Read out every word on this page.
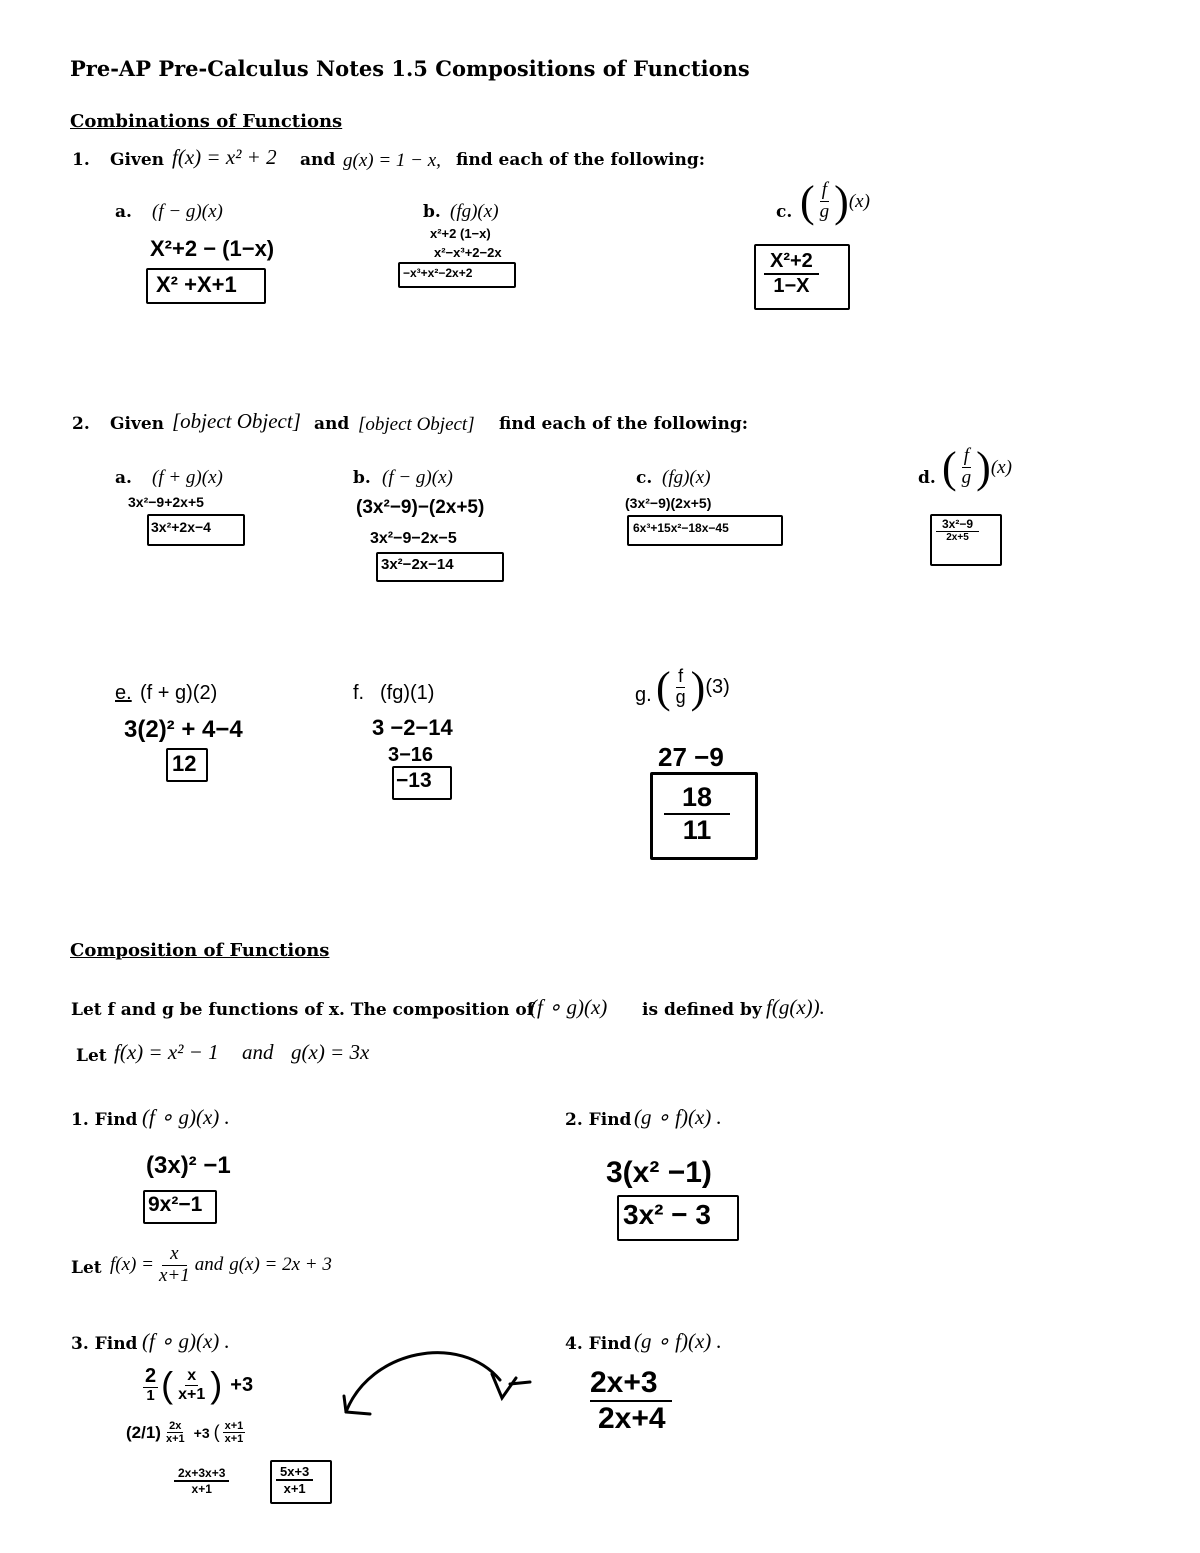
Pre-AP Pre-Calculus Notes 1.5 Compositions of Functions
Combinations of Functions
1. Given f(x) = x² + 2 and g(x) = 1 − x, find each of the following:
a. (f − g)(x)
X²+2 − (1−x)
X² +X+1
b. (fg)(x)
x²+2 (1−x)
x²−x³+2−2x
−x³+x²−2x+2
c. ( $\frac{f}{g}$ ) (x)
$\frac{\text{X²+2}}{1-X}$
2. Given [object Object] and [object Object] find each of the following:
a. (f + g)(x)
3x²−9+2x+5
3x²+2x−4
b. (f − g)(x)
(3x²−9)−(2x+5)
3x²−9−2x−5
3x²−2x−14
c. (fg)(x)
(3x²−9)(2x+5)
6x³+15x²−18x−45
d. ( $\frac{f}{g}$ ) (x)
3x²−9
2x+5
e. (f + g)(2)
3(2)² + 4−4
12
f. (fg)(1)
3 −2−14
3−16
−13
g. ( $\frac{f}{g}$ ) (3)
27 −9
$\frac{18}{11}$
Composition of Functions
Let f and g be functions of x. The composition of
(f ∘ g)(x) is defined by f(g(x)).
Let f(x) = x² − 1 and g(x) = 3x
1. Find (f ∘ g)(x) .
(3x)² −1
9x²−1
2. Find (g ∘ f)(x) .
3(x² −1)
3x² − 3
Let $f(x) = \frac{x}{x+1}$ and g(x) = 2x + 3
3. Find (f ∘ g)(x) .
$\frac{2}{1}$ ( $\frac{x}{x+1}$ ) +3
$(2/1) \frac{2x}{x+1} +3$ ( $\frac{x+1}{x+1}$
$\frac{2x+3x+3}{x+1}$	$\frac{5x+3}{x+1}$
4. Find (g ∘ f)(x) .
$\frac{2x+3}{2x+4}$
